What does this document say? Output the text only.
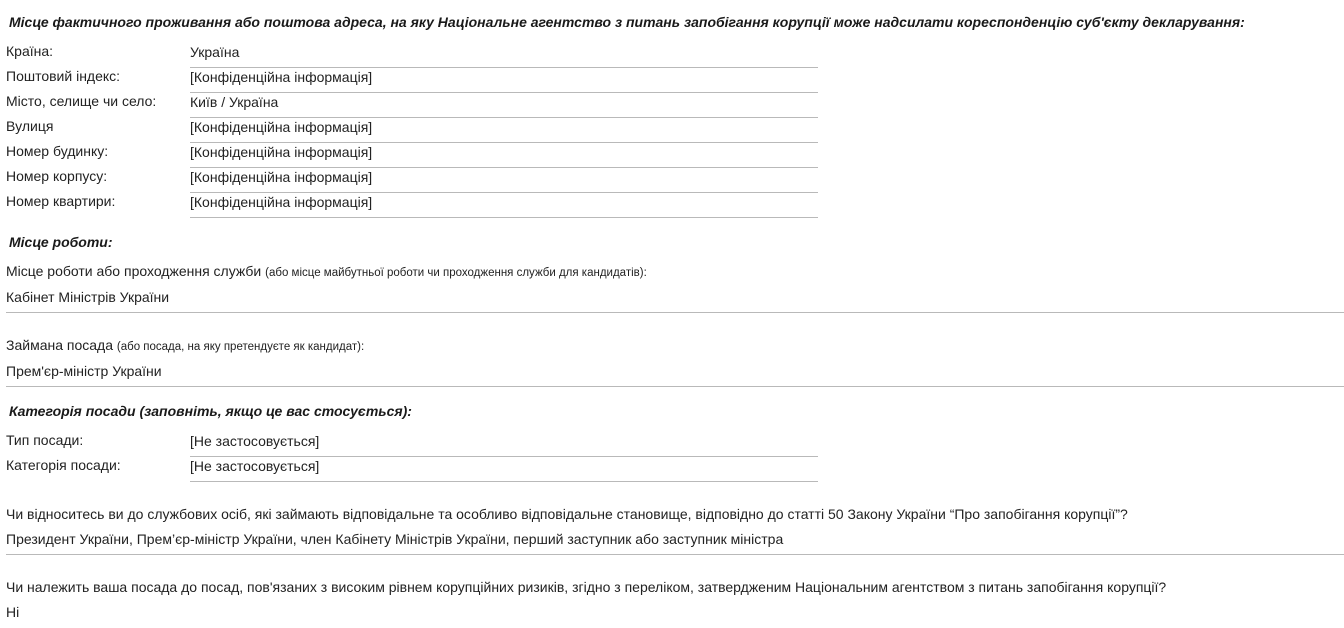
Місце фактичного проживання або поштова адреса, на яку Національне агентство з питань запобігання корупції може надсилати кореспонденцію суб'єкту декларування:
Країна:	Україна
Поштовий індекс:	[Конфіденційна інформація]
Місто, селище чи село: Київ / Україна
Вулиця	[Конфіденційна інформація]
Номер будинку:	[Конфіденційна інформація]
Номер корпусу:	[Конфіденційна інформація]
Номер квартири:	[Конфіденційна інформація]
Місце роботи:
Місце роботи або проходження служби (або місце майбутньої роботи чи проходження служби для кандидатів):
Кабінет Міністрів України
Займана посада (або посада, на яку претендуєте як кандидат):
Прем'єр-міністр України
Категорія посади (заповніть, якщо це вас стосується):
Тип посади:	[Не застосовується]
Категорія посади:	[Не застосовується]
Чи відноситесь ви до службових осіб, які займають відповідальне та особливо відповідальне становище, відповідно до статті 50 Закону України “Про запобігання корупції”?
Президент України, Прем’єр-міністр України, член Кабінету Міністрів України, перший заступник або заступник міністра
Чи належить ваша посада до посад, пов'язаних з високим рівнем корупційних ризиків, згідно з переліком, затвердженим Національним агентством з питань запобігання корупції?
Ні
